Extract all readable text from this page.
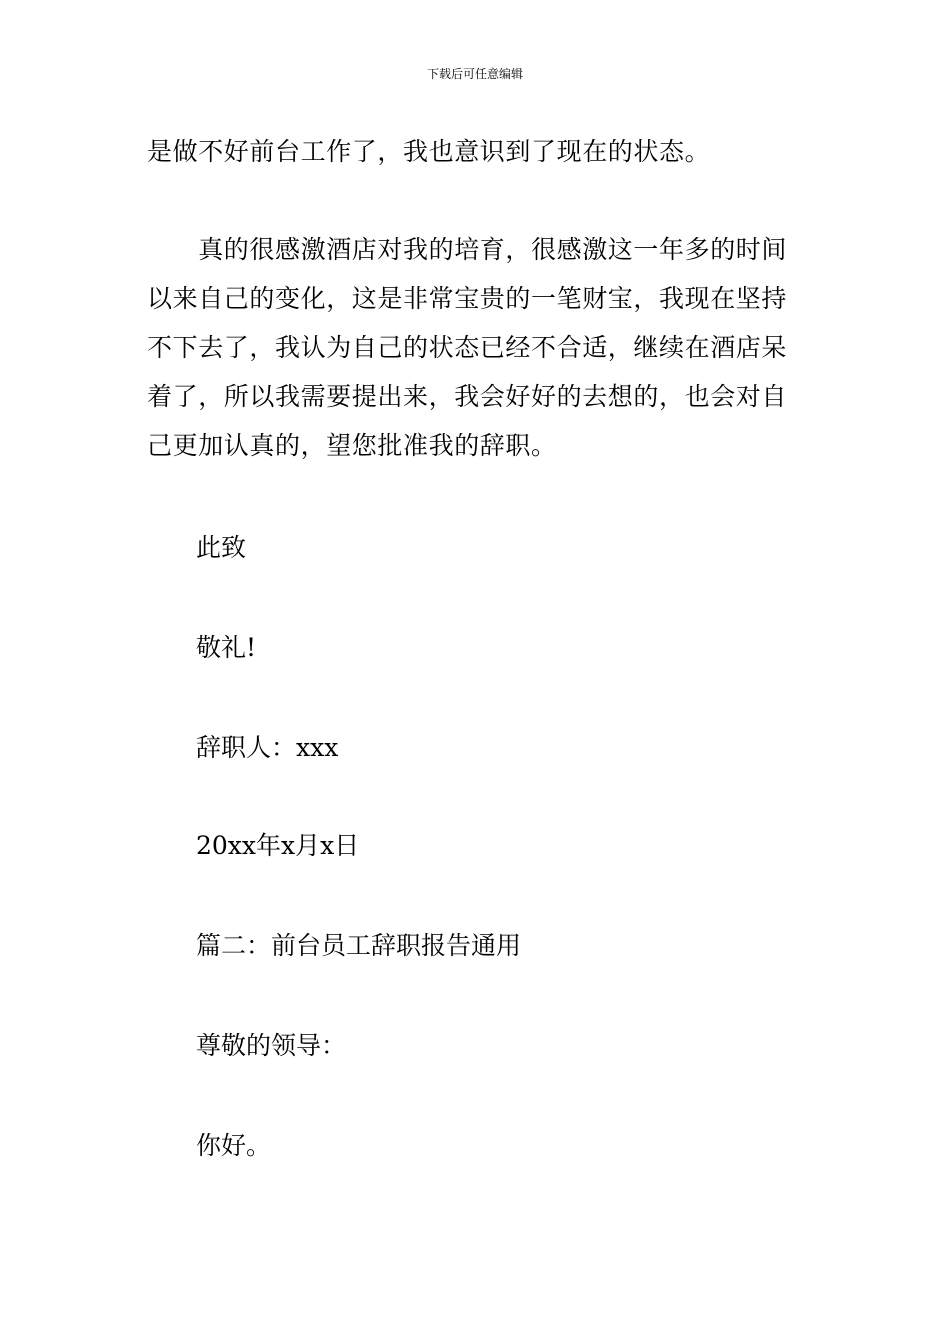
下载后可任意编辑

是做不好前台工作了，我也意识到了现在的状态。

　　真的很感激酒店对我的培育，很感激这一年多的时间
以来自己的变化，这是非常宝贵的一笔财宝，我现在坚持
不下去了，我认为自己的状态已经不合适，继续在酒店呆
着了，所以我需要提出来，我会好好的去想的，也会对自
己更加认真的，望您批准我的辞职。

此致

敬礼!

辞职人：xxx

20xx年x月x日

篇二：前台员工辞职报告通用

尊敬的领导：

你好。
